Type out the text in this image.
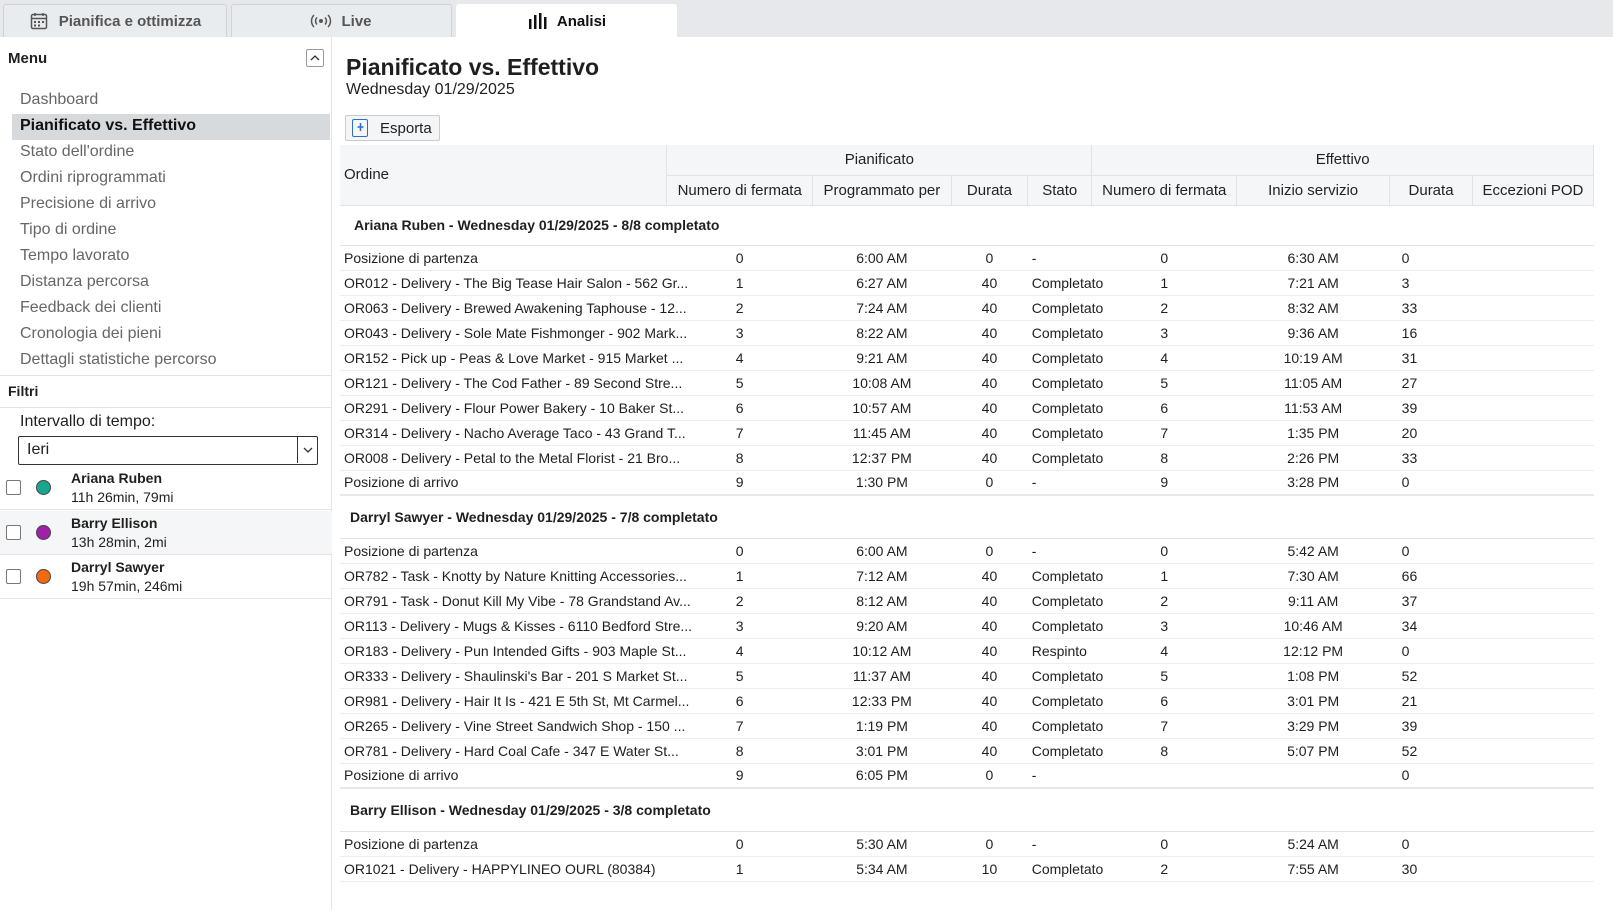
Pianifica e ottimizza	Live	Analisi
Menu
Dashboard
Pianificato vs. Effettivo
Stato dell'ordine
Ordini riprogrammati
Precisione di arrivo
Tipo di ordine
Tempo lavorato
Distanza percorsa
Feedback dei clienti
Cronologia dei pieni
Dettagli statistiche percorso
Filtri
Intervallo di tempo:
Ieri
Ariana Ruben
11h 26min, 79mi
Barry Ellison
13h 28min, 2mi
Darryl Sawyer
19h 57min, 246mi
Pianificato vs. Effettivo
Wednesday 01/29/2025
Esporta
Ordine	Pianificato				Effettivo			
	Numero di fermata	Programmato per	Durata	Stato	Numero di fermata	Inizio servizio	Durata	Eccezioni POD
Ariana Ruben - Wednesday 01/29/2025 - 8/8 completato								
Posizione di partenza	0	6:00 AM	0	-	0	6:30 AM	0	
OR012 - Delivery - The Big Tease Hair Salon - 562 Gr...	1	6:27 AM	40	Completato	1	7:21 AM	3	
OR063 - Delivery - Brewed Awakening Taphouse - 12...	2	7:24 AM	40	Completato	2	8:32 AM	33	
OR043 - Delivery - Sole Mate Fishmonger - 902 Mark...	3	8:22 AM	40	Completato	3	9:36 AM	16	
OR152 - Pick up - Peas & Love Market - 915 Market ...	4	9:21 AM	40	Completato	4	10:19 AM	31	
OR121 - Delivery - The Cod Father - 89 Second Stre...	5	10:08 AM	40	Completato	5	11:05 AM	27	
OR291 - Delivery - Flour Power Bakery - 10 Baker St...	6	10:57 AM	40	Completato	6	11:53 AM	39	
OR314 - Delivery - Nacho Average Taco - 43 Grand T...	7	11:45 AM	40	Completato	7	1:35 PM	20	
OR008 - Delivery - Petal to the Metal Florist - 21 Bro...	8	12:37 PM	40	Completato	8	2:26 PM	33	
Posizione di arrivo	9	1:30 PM	0	-	9	3:28 PM	0	
Darryl Sawyer - Wednesday 01/29/2025 - 7/8 completato								
Posizione di partenza	0	6:00 AM	0	-	0	5:42 AM	0	
OR782 - Task - Knotty by Nature Knitting Accessories...	1	7:12 AM	40	Completato	1	7:30 AM	66	
OR791 - Task - Donut Kill My Vibe - 78 Grandstand Av...	2	8:12 AM	40	Completato	2	9:11 AM	37	
OR113 - Delivery - Mugs & Kisses - 6110 Bedford Stre...	3	9:20 AM	40	Completato	3	10:46 AM	34	
OR183 - Delivery - Pun Intended Gifts - 903 Maple St...	4	10:12 AM	40	Respinto	4	12:12 PM	0	
OR333 - Delivery - Shaulinski's Bar - 201 S Market St...	5	11:37 AM	40	Completato	5	1:08 PM	52	
OR981 - Delivery - Hair It Is - 421 E 5th St, Mt Carmel...	6	12:33 PM	40	Completato	6	3:01 PM	21	
OR265 - Delivery - Vine Street Sandwich Shop - 150 ...	7	1:19 PM	40	Completato	7	3:29 PM	39	
OR781 - Delivery - Hard Coal Cafe - 347 E Water St...	8	3:01 PM	40	Completato	8	5:07 PM	52	
Posizione di arrivo	9	6:05 PM	0	-			0	
Barry Ellison - Wednesday 01/29/2025 - 3/8 completato								
Posizione di partenza	0	5:30 AM	0	-	0	5:24 AM	0	
OR1021 - Delivery - HAPPYLINEO OURL (80384)	1	5:34 AM	10	Completato	2	7:55 AM	30	
